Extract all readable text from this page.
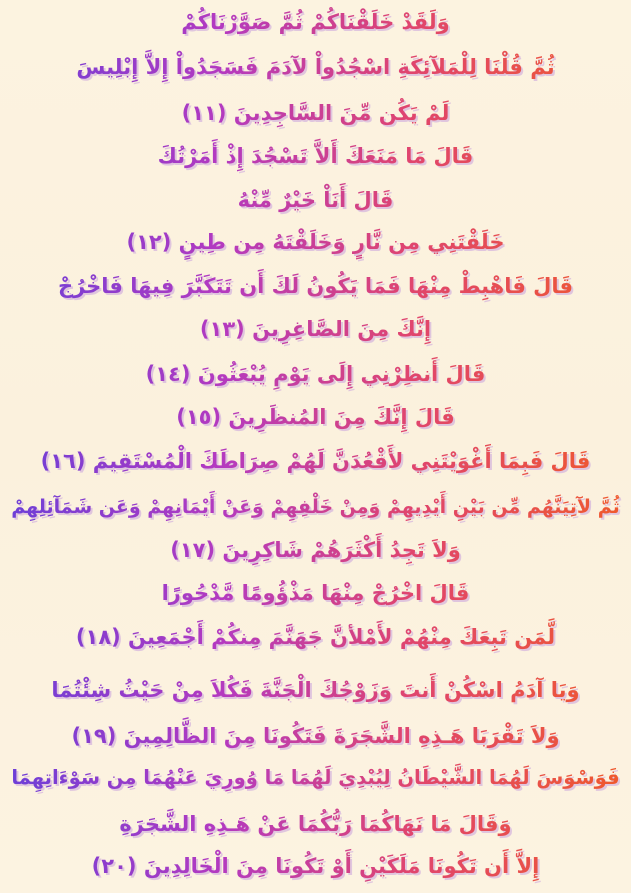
وَلَقَدْ خَلَقْنَاكُمْ ثُمَّ صَوَّرْنَاكُمْ
ثُمَّ قُلْنَا لِلْمَلآئِكَةِ اسْجُدُواْ لآدَمَ فَسَجَدُواْ إِلاَّ إِبْلِيسَ
لَمْ يَكُن مِّنَ السَّاجِدِينَ (١١)
قَالَ مَا مَنَعَكَ أَلاَّ تَسْجُدَ إِذْ أَمَرْتُكَ
قَالَ أَنَاْ خَيْرٌ مِّنْهُ
خَلَقْتَنِي مِن نَّارٍ وَخَلَقْتَهُ مِن طِينٍ (١٢)
قَالَ فَاهْبِطْ مِنْهَا فَمَا يَكُونُ لَكَ أَن تَتَكَبَّرَ فِيهَا فَاخْرُجْ
إِنَّكَ مِنَ الصَّاغِرِينَ (١٣)
قَالَ أَنظِرْنِي إِلَى يَوْمِ يُبْعَثُونَ (١٤)
قَالَ إِنَّكَ مِنَ المُنظَرِينَ (١٥)
قَالَ فَبِمَا أَغْوَيْتَنِي لأَقْعُدَنَّ لَهُمْ صِرَاطَكَ الْمُسْتَقِيمَ (١٦)
ثُمَّ لآتِيَنَّهُم مِّن بَيْنِ أَيْدِيهِمْ وَمِنْ خَلْفِهِمْ وَعَنْ أَيْمَانِهِمْ وَعَن شَمَآئِلِهِمْ
وَلاَ تَجِدُ أَكْثَرَهُمْ شَاكِرِينَ (١٧)
قَالَ اخْرُجْ مِنْهَا مَذْؤُومًا مَّدْحُورًا
لَّمَن تَبِعَكَ مِنْهُمْ لأَمْلأنَّ جَهَنَّمَ مِنكُمْ أَجْمَعِينَ (١٨)
وَيَا آدَمُ اسْكُنْ أَنتَ وَزَوْجُكَ الْجَنَّةَ فَكُلاَ مِنْ حَيْثُ شِئْتُمَا
وَلاَ تَقْرَبَا هَـذِهِ الشَّجَرَةَ فَتَكُونَا مِنَ الظَّالِمِينَ (١٩)
فَوَسْوَسَ لَهُمَا الشَّيْطَانُ لِيُبْدِيَ لَهُمَا مَا وُورِيَ عَنْهُمَا مِن سَوْءَاتِهِمَا
وَقَالَ مَا نَهَاكُمَا رَبُّكُمَا عَنْ هَـذِهِ الشَّجَرَةِ
إِلاَّ أَن تَكُونَا مَلَكَيْنِ أَوْ تَكُونَا مِنَ الْخَالِدِينَ (٢٠)
